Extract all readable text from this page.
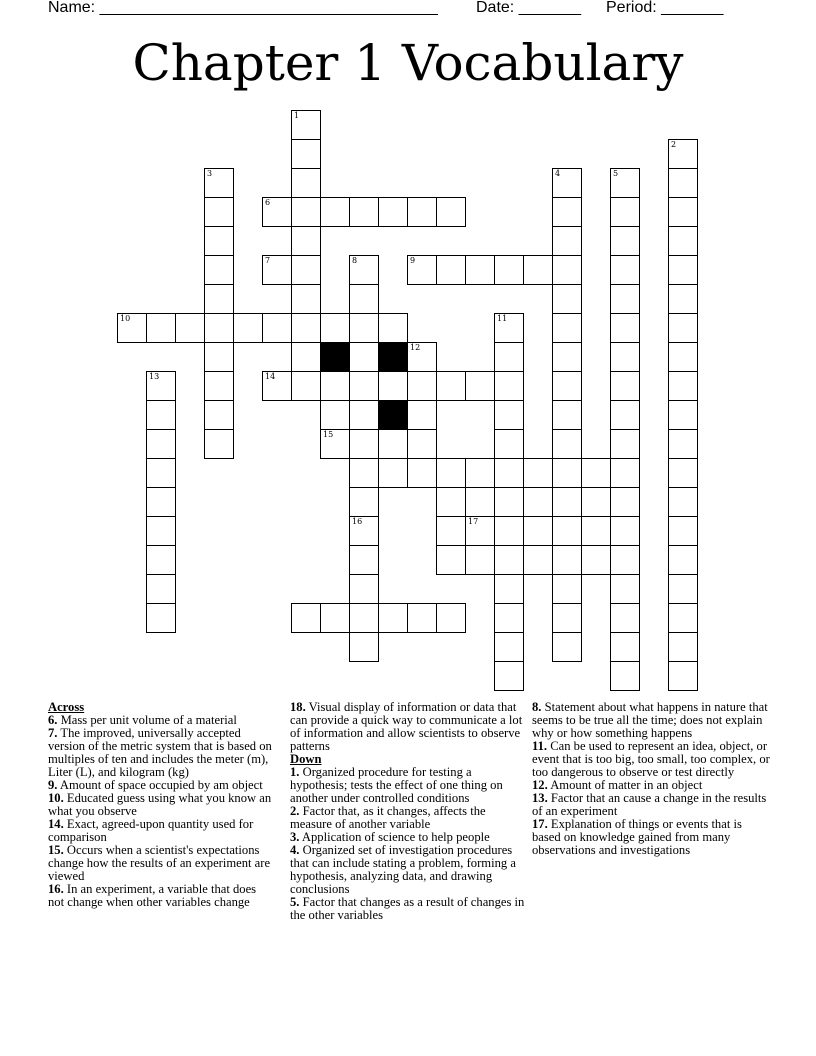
Name: ______________________________________ Date: _______ Period: _______
Chapter 1 Vocabulary
1
2
3	4	5
6
7	8
16
9
10	11
12
13	14
15
17
Across
6. Mass per unit volume of a material
7. The improved, universally accepted version of the metric system that is based on multiples of ten and includes the meter (m), Liter (L), and kilogram (kg)
9. Amount of space occupied by am object
10. Educated guess using what you know an what you observe
14. Exact, agreed-upon quantity used for comparison
15. Occurs when a scientist's expectations change how the results of an experiment are viewed
16. In an experiment, a variable that does not change when other variables change
18. Visual display of information or data that can provide a quick way to communicate a lot of information and allow scientists to observe patterns
Down
1. Organized procedure for testing a hypothesis; tests the effect of one thing on another under controlled conditions
2. Factor that, as it changes, affects the measure of another variable
3. Application of science to help people
4. Organized set of investigation procedures that can include stating a problem, forming a hypothesis, analyzing data, and drawing conclusions
5. Factor that changes as a result of changes in the other variables
8. Statement about what happens in nature that seems to be true all the time; does not explain why or how something happens
11. Can be used to represent an idea, object, or event that is too big, too small, too complex, or too dangerous to observe or test directly
12. Amount of matter in an object
13. Factor that an cause a change in the results of an experiment
17. Explanation of things or events that is based on knowledge gained from many observations and investigations
